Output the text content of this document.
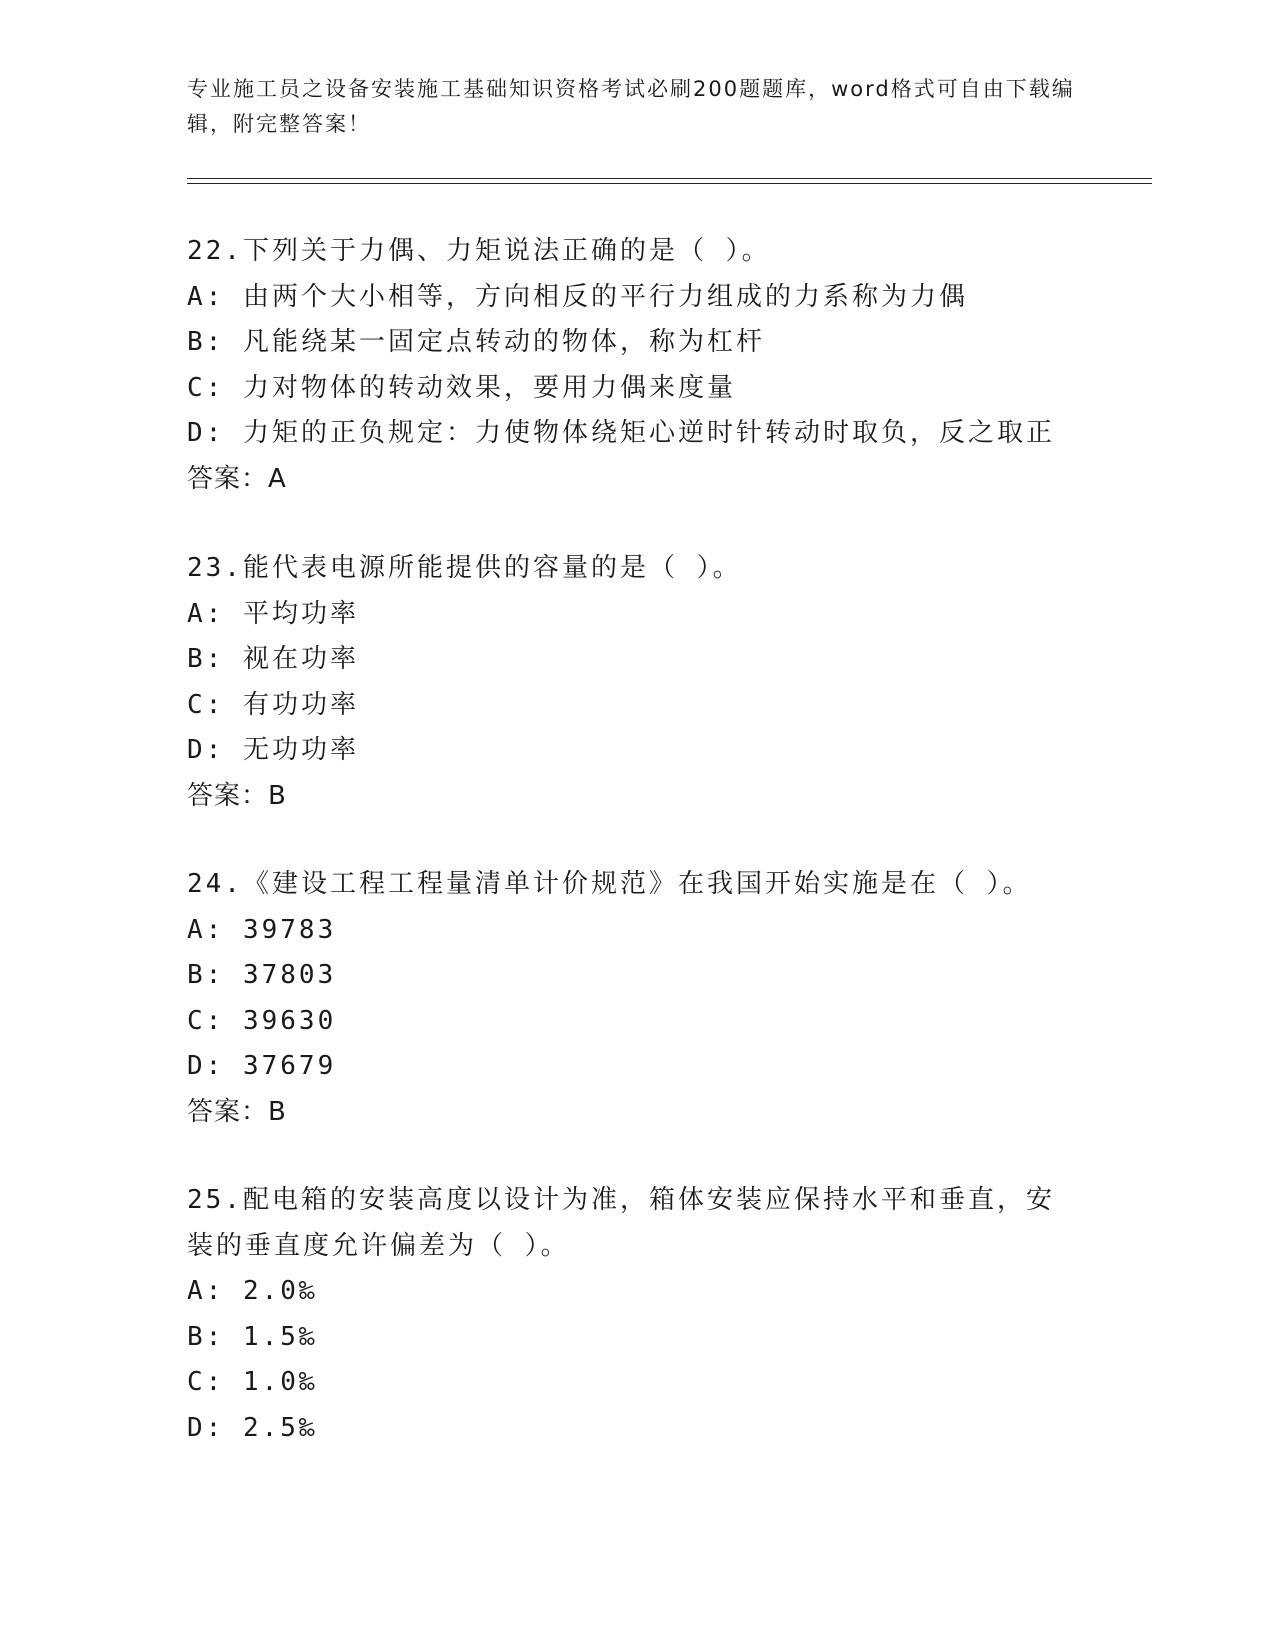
专业施工员之设备安装施工基础知识资格考试必刷200题题库，word格式可自由下载编辑，附完整答案！
22.下列关于力偶、力矩说法正确的是（ ）。
A: 由两个大小相等，方向相反的平行力组成的力系称为力偶
B: 凡能绕某一固定点转动的物体，称为杠杆
C: 力对物体的转动效果，要用力偶来度量
D: 力矩的正负规定：力使物体绕矩心逆时针转动时取负，反之取正
答案：A
23.能代表电源所能提供的容量的是（ ）。
A: 平均功率
B: 视在功率
C: 有功功率
D: 无功功率
答案：B
24.《建设工程工程量清单计价规范》在我国开始实施是在（ ）。
A: 39783
B: 37803
C: 39630
D: 37679
答案：B
25.配电箱的安装高度以设计为准，箱体安装应保持水平和垂直，安装的垂直度允许偏差为（ ）。
A: 2.0‰
B: 1.5‰
C: 1.0‰
D: 2.5‰
